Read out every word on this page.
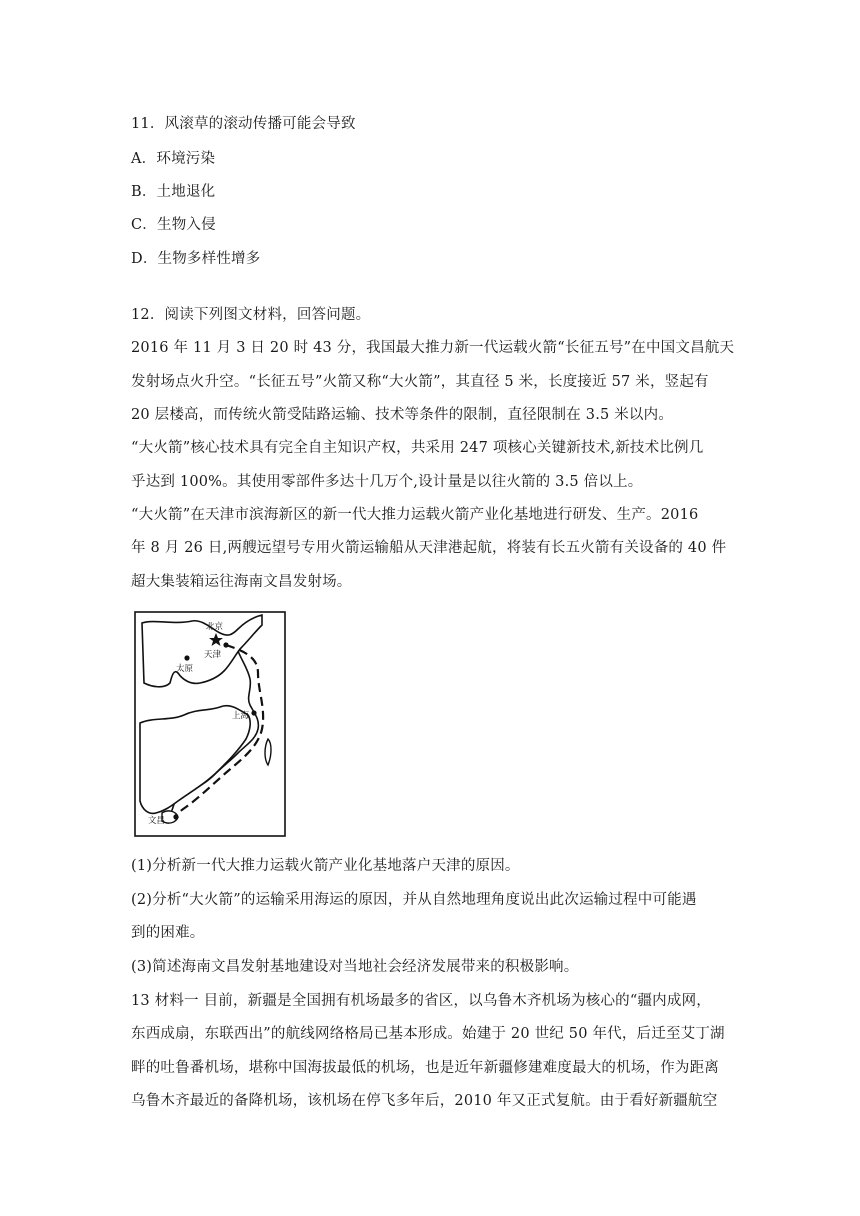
11．风滚草的滚动传播可能会导致
A．环境污染
B．土地退化
C．生物入侵
D．生物多样性增多
12．阅读下列图文材料，回答问题。
2016 年 11 月 3 日 20 时 43 分，我国最大推力新一代运载火箭“长征五号”在中国文昌航天
发射场点火升空。“长征五号”火箭又称“大火箭”，其直径 5 米，长度接近 57 米，竖起有
20 层楼高，而传统火箭受陆路运输、技术等条件的限制，直径限制在 3.5 米以内。
“大火箭”核心技术具有完全自主知识产权，共采用 247 项核心关键新技术,新技术比例几
乎达到 100%。其使用零部件多达十几万个,设计量是以往火箭的 3.5 倍以上。
“大火箭”在天津市滨海新区的新一代大推力运载火箭产业化基地进行研发、生产。2016
年 8 月 26 日,两艘远望号专用火箭运输船从天津港起航，将装有长五火箭有关设备的 40 件
超大集装箱运往海南文昌发射场。
北京
天津
太原
上海
文昌
(1)分析新一代大推力运载火箭产业化基地落户天津的原因。
(2)分析“大火箭”的运输采用海运的原因，并从自然地理角度说出此次运输过程中可能遇
到的困难。
(3)简述海南文昌发射基地建设对当地社会经济发展带来的积极影响。
13 材料一 目前，新疆是全国拥有机场最多的省区，以乌鲁木齐机场为核心的“疆内成网，
东西成扇，东联西出”的航线网络格局已基本形成。始建于 20 世纪 50 年代，后迁至艾丁湖
畔的吐鲁番机场，堪称中国海拔最低的机场，也是近年新疆修建难度最大的机场，作为距离
乌鲁木齐最近的备降机场，该机场在停飞多年后，2010 年又正式复航。由于看好新疆航空
